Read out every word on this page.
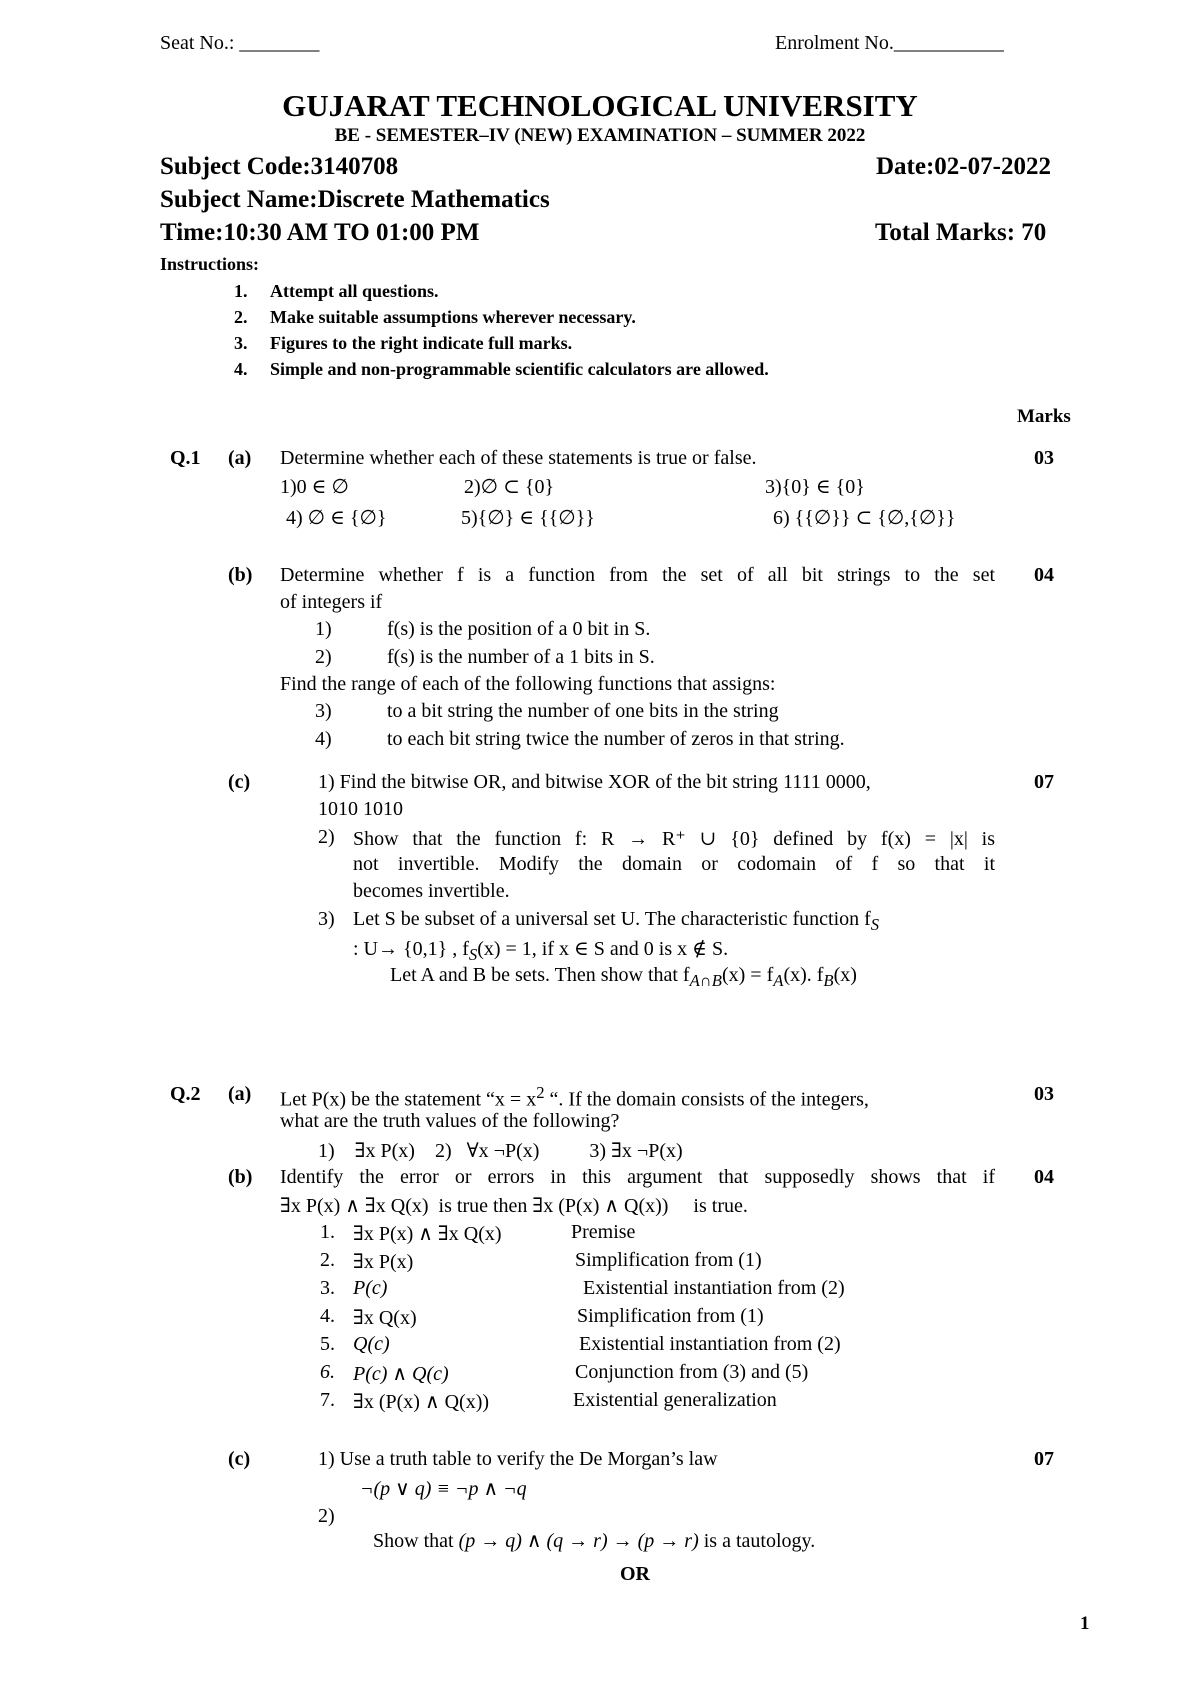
Seat No.: ________	Enrolment No.___________
GUJARAT TECHNOLOGICAL UNIVERSITY
BE - SEMESTER–IV (NEW) EXAMINATION – SUMMER 2022
Subject Code:3140708	Date:02-07-2022
Subject Name:Discrete Mathematics
Time:10:30 AM TO 01:00 PM	Total Marks: 70
Instructions:
1. Attempt all questions.
2. Make suitable assumptions wherever necessary.
3. Figures to the right indicate full marks.
4. Simple and non-programmable scientific calculators are allowed.
Marks
Q.1 (a) Determine whether each of these statements is true or false.	03
1)0 ∈ ∅	2)∅ ⊂ {0}	3){0} ∈ {0}
4) ∅ ∈ {∅}	5){∅} ∈ {{∅}}	6) {{∅}} ⊂ {∅,{∅}}
(b) Determine whether f is a function from the set of all bit strings to the set 04
of integers if
1)	f(s) is the position of a 0 bit in S.
2)	f(s) is the number of a 1 bits in S.
Find the range of each of the following functions that assigns:
3)	to a bit string the number of one bits in the string
4)	to each bit string twice the number of zeros in that string.
(c)	1) Find the bitwise OR, and bitwise XOR of the bit string 1111 0000,	07
1010 1010
2) Show that the function f: R → R⁺ ∪ {0} defined by f(x) = |x| is
not invertible. Modify the domain or codomain of f so that it
becomes invertible.
3) Let S be subset of a universal set U. The characteristic function $f_S$
: U→ {0,1} , $f_S(x) = 1$, if x ∈ S and 0 is x ∉ S.
Let A and B be sets. Then show that $f_{A\cap B}(x) = f_A(x)$. $f_B(x)$
Q.2 (a) Let P(x) be the statement “$x = x^2$ “. If the domain consists of the integers,	03
what are the truth values of the following?
1)    ∃x P(x)    2)   ∀x ¬P(x)          3) ∃x ¬P(x)
(b) Identify the error or errors in this argument that supposedly shows that if 04
∃x P(x) ∧ ∃x Q(x)  is true then ∃x (P(x) ∧ Q(x))     is true.
1. ∃x P(x) ∧ ∃x Q(x)	Premise
2. ∃x P(x)	Simplification from (1)
3. P(c)	Existential instantiation from (2)
4. ∃x Q(x)	Simplification from (1)
5. Q(c)	Existential instantiation from (2)
6. P(c) ∧ Q(c)	Conjunction from (3) and (5)
7. ∃x (P(x) ∧ Q(x))	Existential generalization
(c)	1) Use a truth table to verify the De Morgan’s law	07
¬(p ∨ q) ≡ ¬p ∧ ¬q
2)

Show that (p → q) ∧ (q → r) → (p → r) is a tautology.

OR
1
